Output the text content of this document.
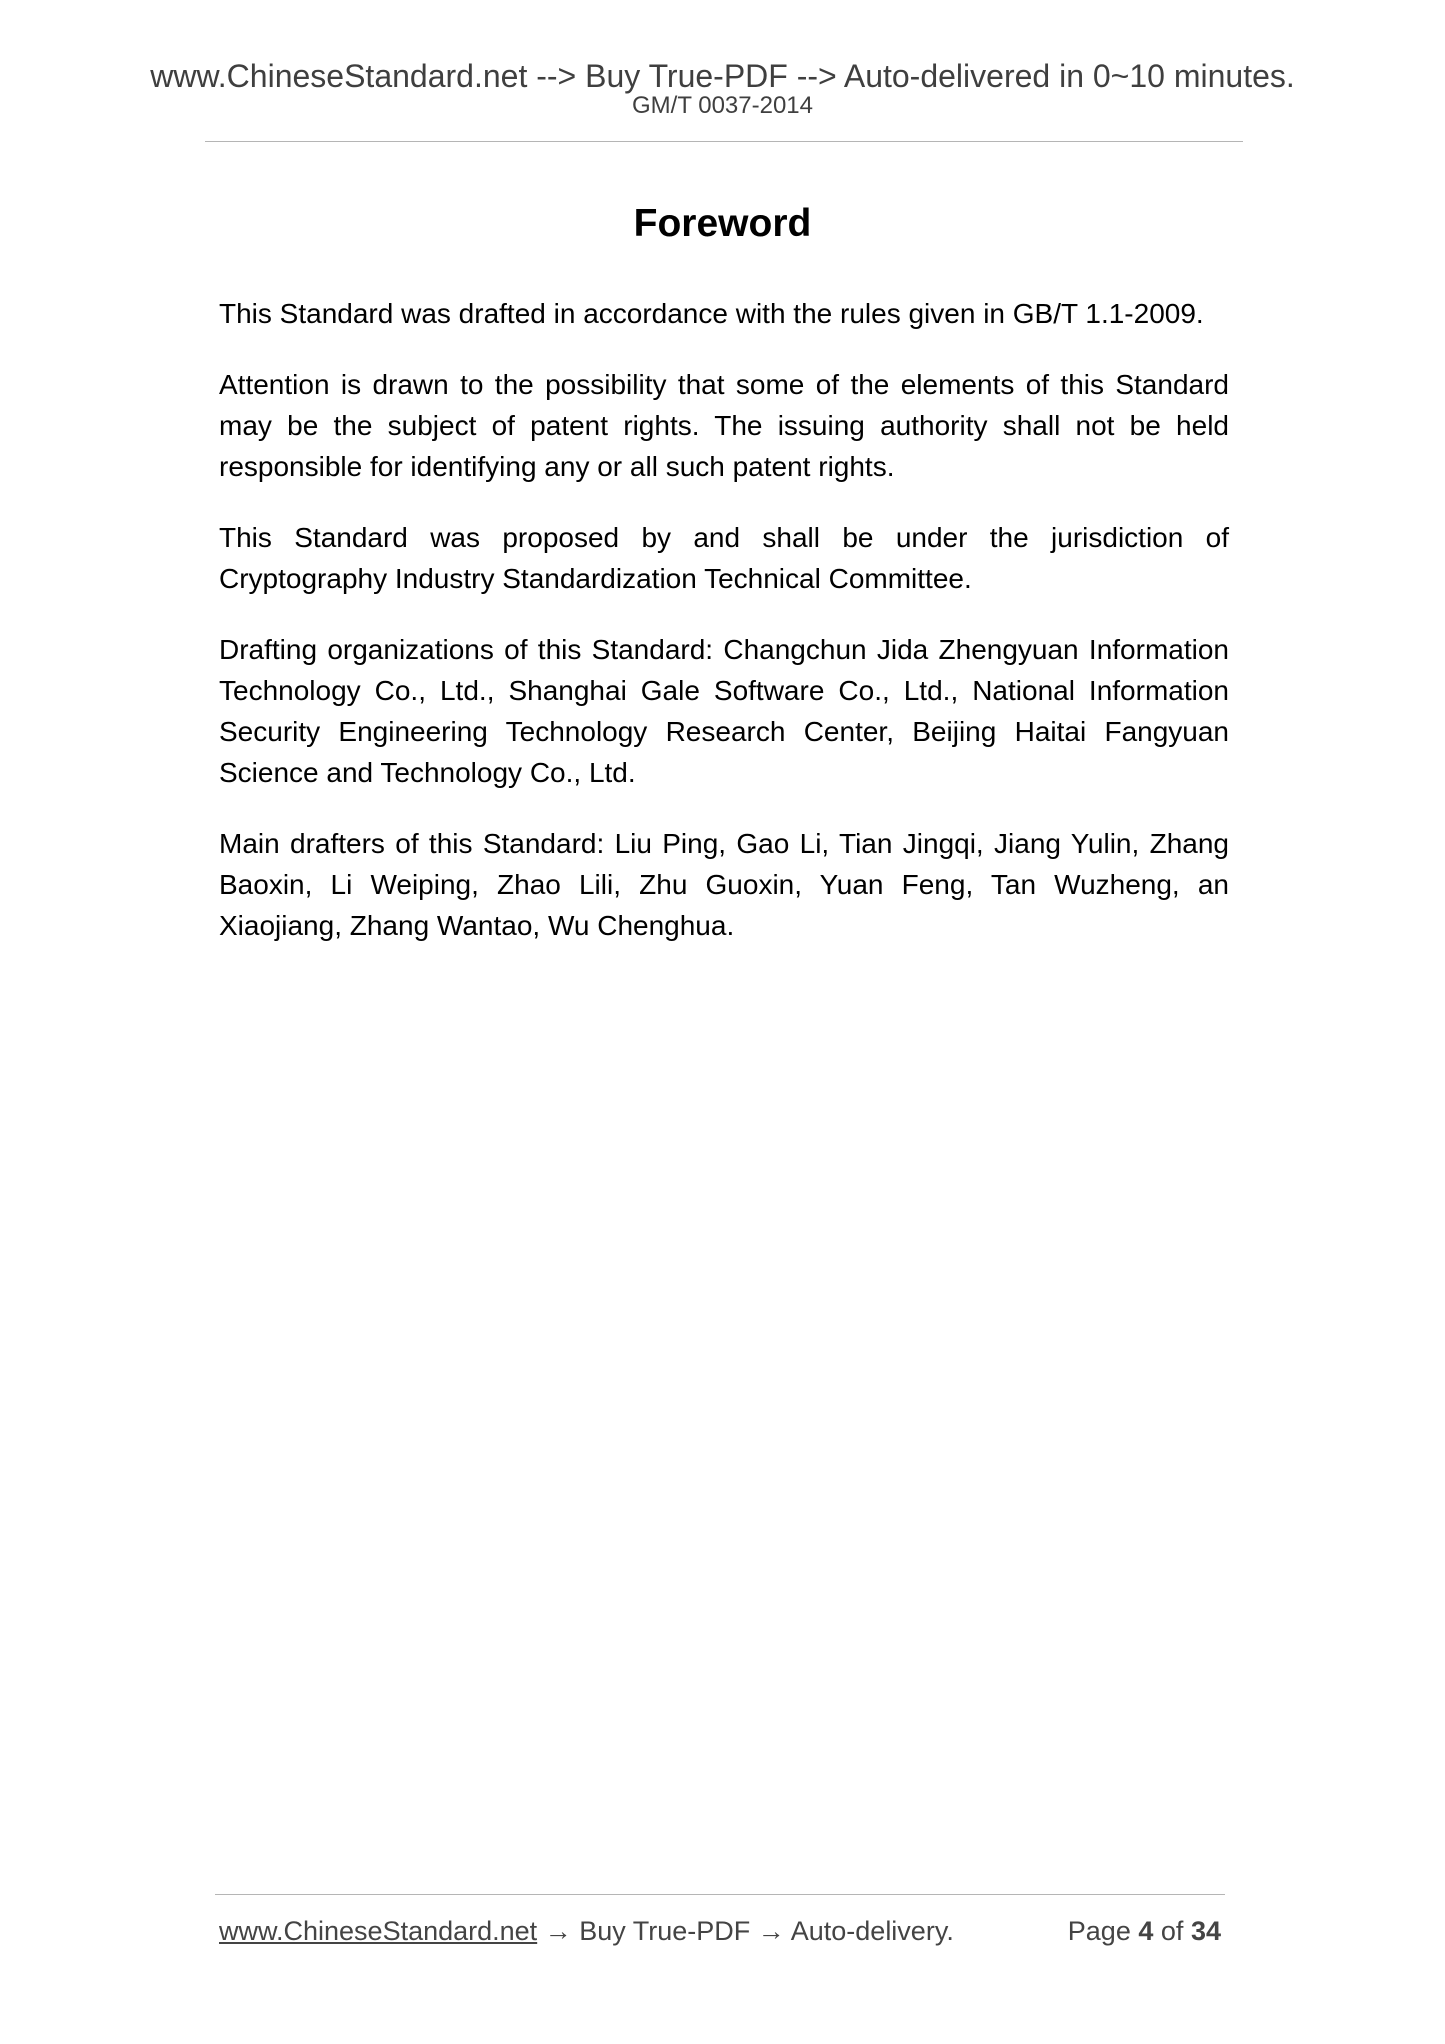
www.ChineseStandard.net --> Buy True-PDF --> Auto-delivered in 0~10 minutes.
GM/T 0037-2014
Foreword

This Standard was drafted in accordance with the rules given in GB/T 1.1-2009.

Attention is drawn to the possibility that some of the elements of this Standard may be the subject of patent rights. The issuing authority shall not be held responsible for identifying any or all such patent rights.

This Standard was proposed by and shall be under the jurisdiction of Cryptography Industry Standardization Technical Committee.

Drafting organizations of this Standard: Changchun Jida Zhengyuan Information Technology Co., Ltd., Shanghai Gale Software Co., Ltd., National Information Security Engineering Technology Research Center, Beijing Haitai Fangyuan Science and Technology Co., Ltd.

Main drafters of this Standard: Liu Ping, Gao Li, Tian Jingqi, Jiang Yulin, Zhang Baoxin, Li Weiping, Zhao Lili, Zhu Guoxin, Yuan Feng, Tan Wuzheng, an Xiaojiang, Zhang Wantao, Wu Chenghua.

www.ChineseStandard.net → Buy True-PDF → Auto-delivery.	Page 4 of 34
